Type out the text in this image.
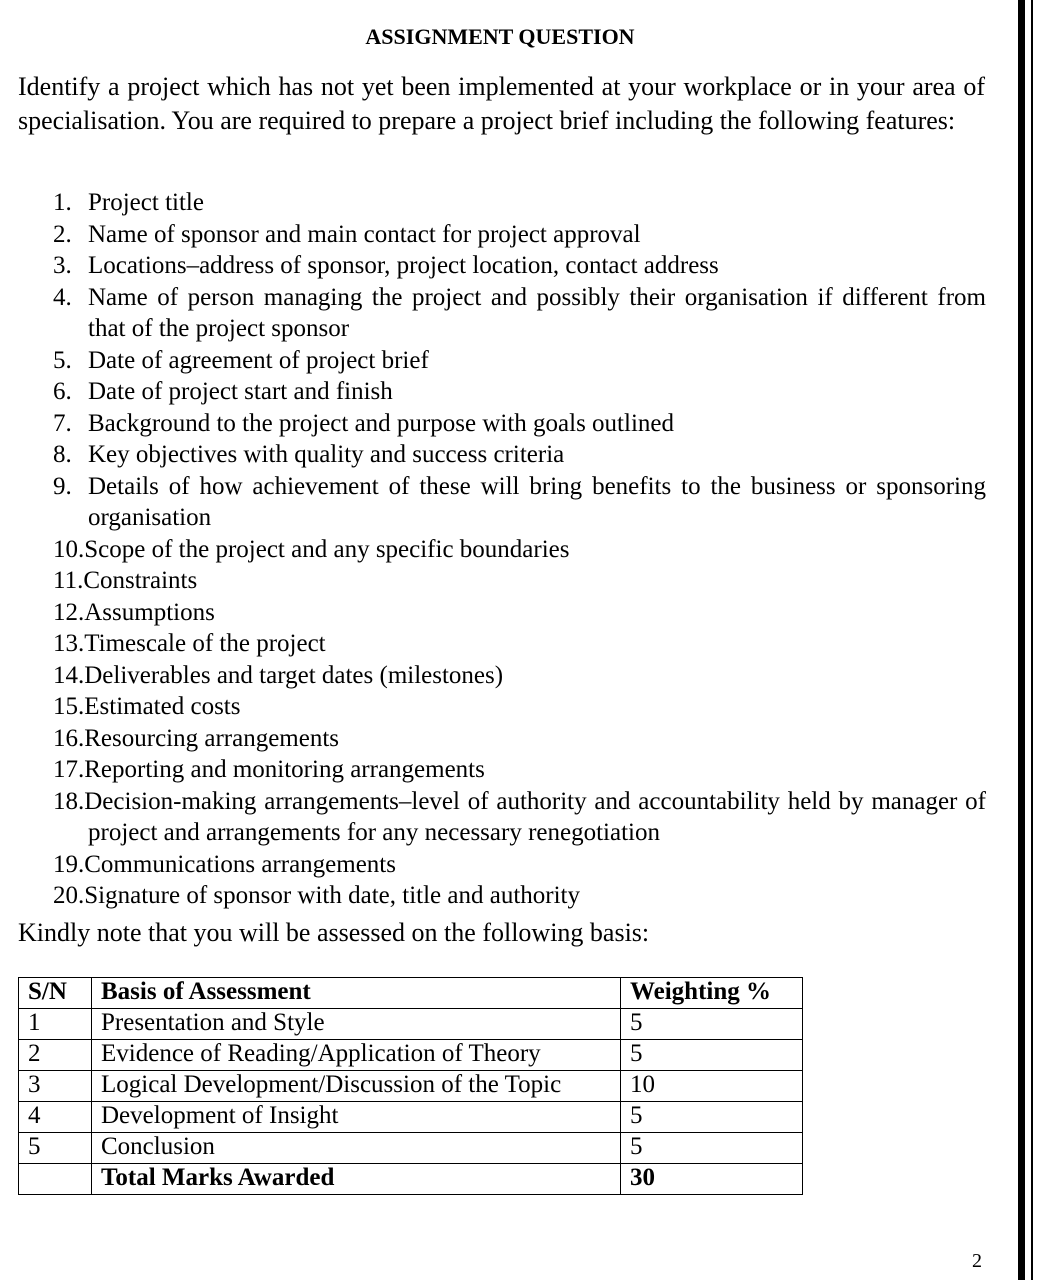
ASSIGNMENT QUESTION
Identify a project which has not yet been implemented at your workplace or in your area of specialisation. You are required to prepare a project brief including the following features:
1. Project title
2. Name of sponsor and main contact for project approval
3. Locations–address of sponsor, project location, contact address
4. Name of person managing the project and possibly their organisation if different from that of the project sponsor
5. Date of agreement of project brief
6. Date of project start and finish
7. Background to the project and purpose with goals outlined
8. Key objectives with quality and success criteria
9. Details of how achievement of these will bring benefits to the business or sponsoring organisation
10.Scope of the project and any specific boundaries
11.Constraints
12.Assumptions
13.Timescale of the project
14.Deliverables and target dates (milestones)
15.Estimated costs
16.Resourcing arrangements
17.Reporting and monitoring arrangements
18.Decision-making arrangements–level of authority and accountability held by manager of project and arrangements for any necessary renegotiation
19.Communications arrangements
20.Signature of sponsor with date, title and authority
Kindly note that you will be assessed on the following basis:
S/N	Basis of Assessment	Weighting %
1	Presentation and Style	5
2	Evidence of Reading/Application of Theory	5
3	Logical Development/Discussion of the Topic	10
4	Development of Insight	5
5	Conclusion	5
	Total Marks Awarded	30
2
